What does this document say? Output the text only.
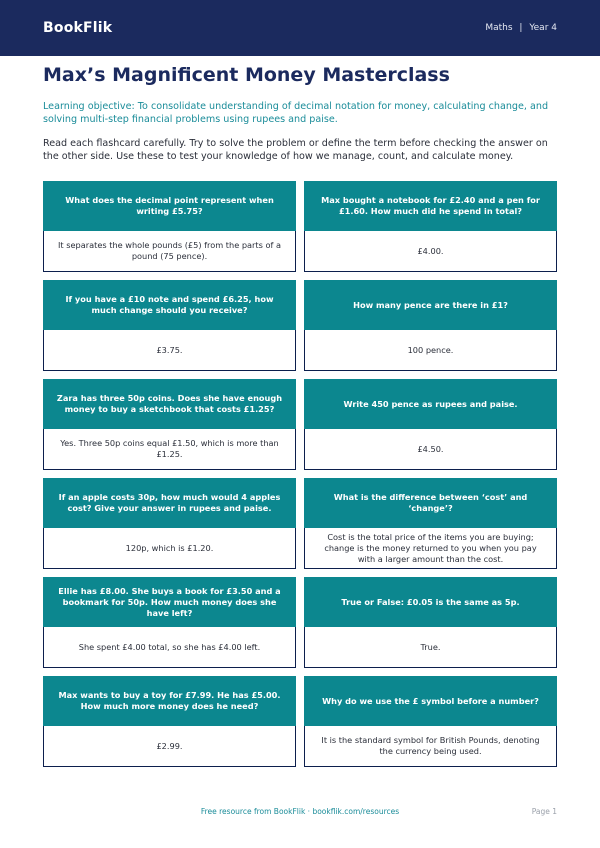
BookFlik	Maths | Year 4
Max’s Magnificent Money Masterclass

Learning objective: To consolidate understanding of decimal notation for money, calculating change, and solving multi-step financial problems using rupees and paise.

Read each flashcard carefully. Try to solve the problem or define the term before checking the answer on the other side. Use these to test your knowledge of how we manage, count, and calculate money.

What does the decimal point represent when writing £5.75?
It separates the whole pounds (£5) from the parts of a pound (75 pence).
Max bought a notebook for £2.40 and a pen for £1.60. How much did he spend in total?
£4.00.
If you have a £10 note and spend £6.25, how much change should you receive?
£3.75.
How many pence are there in £1?
100 pence.
Zara has three 50p coins. Does she have enough money to buy a sketchbook that costs £1.25?
Yes. Three 50p coins equal £1.50, which is more than £1.25.
Write 450 pence as rupees and paise.
£4.50.
If an apple costs 30p, how much would 4 apples cost? Give your answer in rupees and paise.
120p, which is £1.20.
What is the difference between ‘cost’ and ‘change’?
Cost is the total price of the items you are buying; change is the money returned to you when you pay with a larger amount than the cost.
Ellie has £8.00. She buys a book for £3.50 and a bookmark for 50p. How much money does she have left?
She spent £4.00 total, so she has £4.00 left.
True or False: £0.05 is the same as 5p.
True.
Max wants to buy a toy for £7.99. He has £5.00. How much more money does he need?
£2.99.
Why do we use the £ symbol before a number?
It is the standard symbol for British Pounds, denoting the currency being used.
Free resource from BookFlik · bookflik.com/resources	Page 1
